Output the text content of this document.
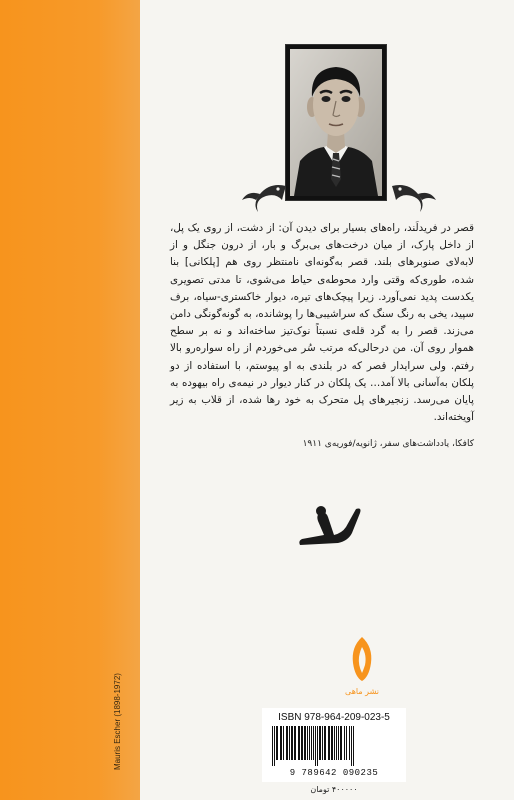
Mauris Escher (1898-1972)
قصر در فریدلَند، راه‌های بسیار برای دیدن آن: از دشت، از روی یک پل، از داخل پارک، از میان درخت‌های بی‌برگ و بار، از درون جنگل و از لابه‌لای صنوبرهای بلند. قصر به‌گونه‌ای نامنتظر روی هم [پلکانی] بنا شده، طوری‌که وقتی وارد محوطه‌ی حیاط می‌شوی، تا مدتی تصویری یکدست پدید نمی‌آورد. زیرا پیچک‌های تیره، دیوار خاکستری-سیاه، برف سپید، یخی به رنگ سنگ که سراشیبی‌ها را پوشانده، به گونه‌گونگی دامن می‌زند. قصر را به گرد قله‌ی نسبتاً نوک‌تیز ساخته‌اند و نه بر سطح هموار روی آن. من درحالی‌که مرتب سُر می‌خوردم از راه سواره‌رو بالا رفتم. ولی سرایدار قصر که در بلندی به او پیوستم، با استفاده از دو پلکان به‌آسانی بالا آمد… یک پلکان در کنار دیوار در نیمه‌ی راه بیهوده به پایان می‌رسد. زنجیرهای پل متحرک به خود رها شده، از قلاب به زیر آویخته‌اند.
کافکا، یادداشت‌های سفر، ژانویه/فوریه‌ی ۱۹۱۱
نشر ماهی
ISBN 978-964-209-023-5
9 789642 090235
۴۰۰۰۰۰ تومان
